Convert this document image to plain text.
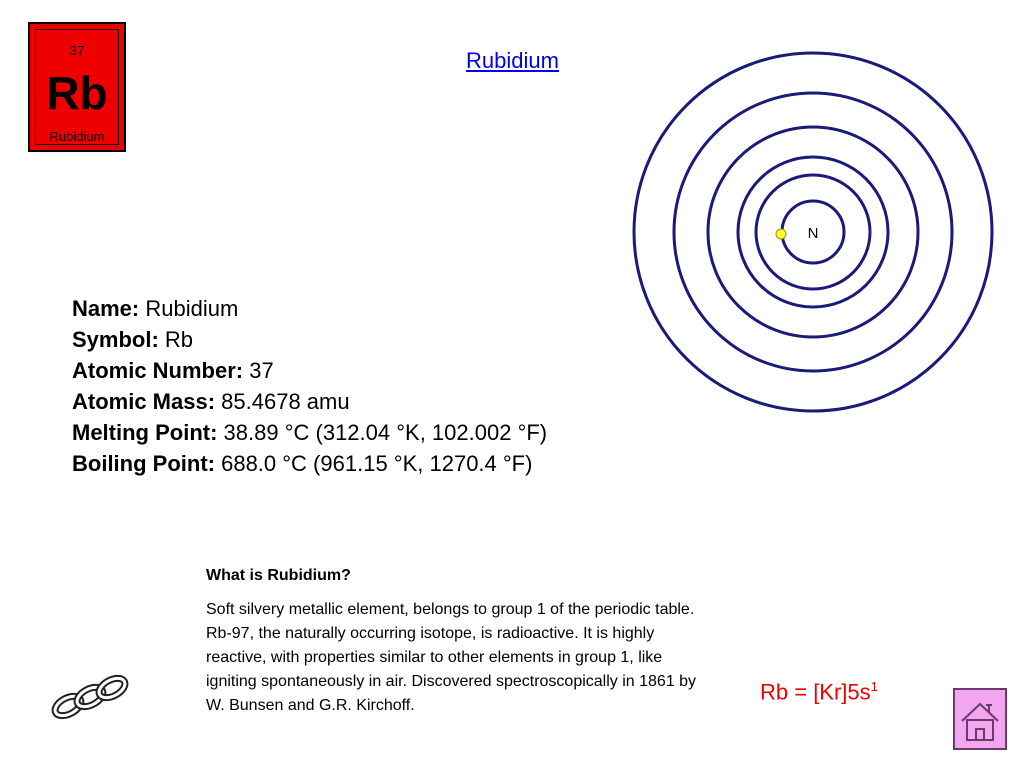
37
Rb
Rubidium
Rubidium
N
Name: Rubidium
Symbol: Rb
Atomic Number: 37
Atomic Mass: 85.4678 amu
Melting Point: 38.89 °C (312.04 °K, 102.002 °F)
Boiling Point: 688.0 °C (961.15 °K, 1270.4 °F)

What is Rubidium?

Soft silvery metallic element, belongs to group 1 of the periodic table. Rb-97, the naturally occurring isotope, is radioactive. It is highly reactive, with properties similar to other elements in group 1, like igniting spontaneously in air. Discovered spectroscopically in 1861 by W. Bunsen and G.R. Kirchoff.

$Rb = [Kr]5s^1$
